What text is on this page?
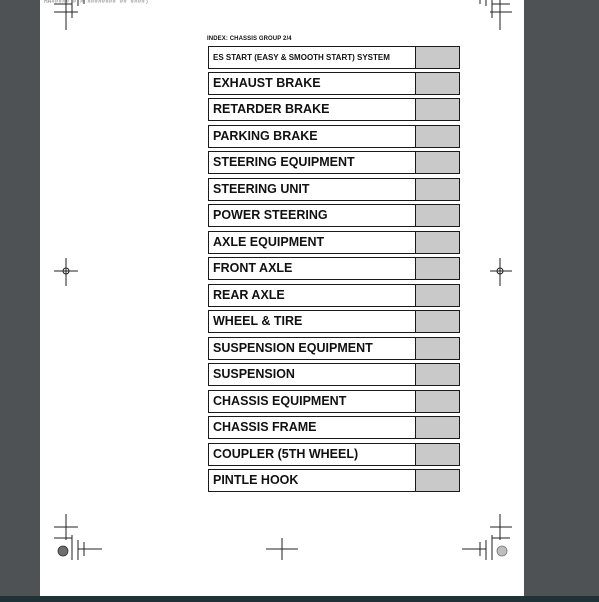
MA##### # # ######## ## ####)
INDEX: CHASSIS GROUP 2/4
ES START (EASY & SMOOTH START) SYSTEM
EXHAUST BRAKE
RETARDER BRAKE
PARKING BRAKE
STEERING EQUIPMENT
STEERING UNIT
POWER STEERING
AXLE EQUIPMENT
FRONT AXLE
REAR AXLE
WHEEL & TIRE
SUSPENSION EQUIPMENT
SUSPENSION
CHASSIS EQUIPMENT
CHASSIS FRAME
COUPLER (5TH WHEEL)
PINTLE HOOK
